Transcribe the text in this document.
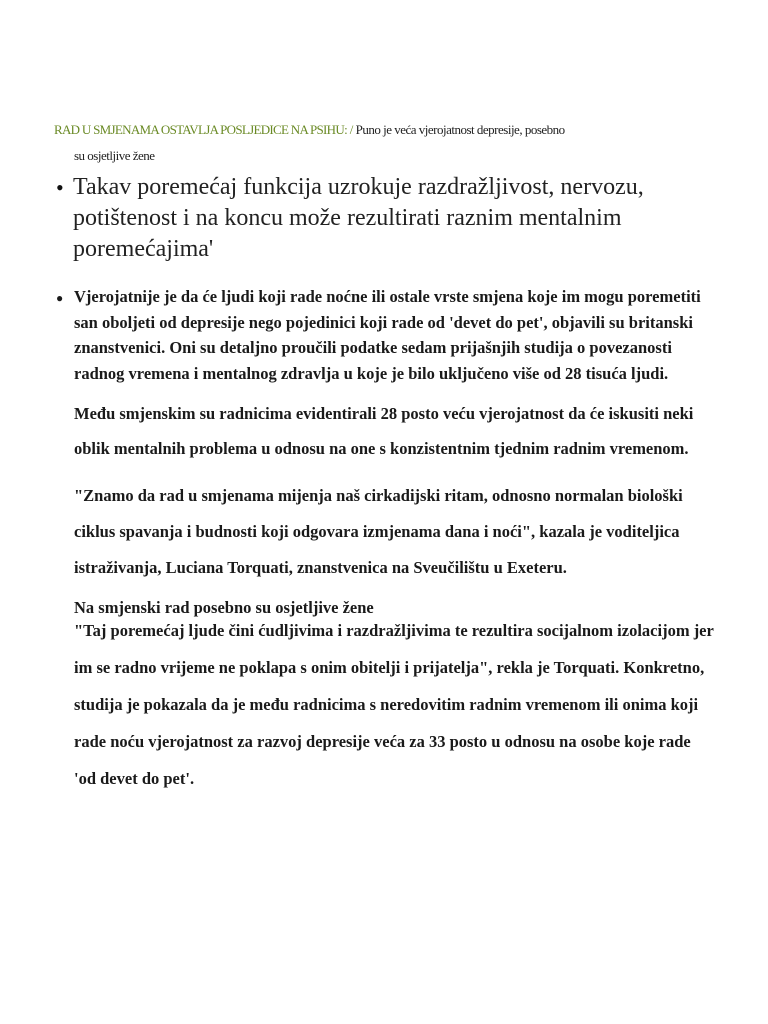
RAD U SMJENAMA OSTAVLJA POSLJEDICE NA PSIHU: / Puno je veća vjerojatnost depresije, posebno
su osjetljive žene
• Takav poremećaj funkcija uzrokuje razdražljivost, nervozu, potištenost i na koncu može rezultirati raznim mentalnim poremećajima'
● Vjerojatnije je da će ljudi koji rade noćne ili ostale vrste smjena koje im mogu poremetiti san oboljeti od depresije nego pojedinici koji rade od 'devet do pet', objavili su britanski znanstvenici. Oni su detaljno proučili podatke sedam prijašnjih studija o povezanosti radnog vremena i mentalnog zdravlja u koje je bilo uključeno više od 28 tisuća ljudi.

Među smjenskim su radnicima evidentirali 28 posto veću vjerojatnost da će iskusiti neki oblik mentalnih problema u odnosu na one s konzistentnim tjednim radnim vremenom.

"Znamo da rad u smjenama mijenja naš cirkadijski ritam, odnosno normalan biološki ciklus spavanja i budnosti koji odgovara izmjenama dana i noći", kazala je voditeljica istraživanja, Luciana Torquati, znanstvenica na Sveučilištu u Exeteru.

Na smjenski rad posebno su osjetljive žene

"Taj poremećaj ljude čini ćudljivima i razdražljivima te rezultira socijalnom izolacijom jer im se radno vrijeme ne poklapa s onim obitelji i prijatelja", rekla je Torquati. Konkretno, studija je pokazala da je među radnicima s neredovitim radnim vremenom ili onima koji rade noću vjerojatnost za razvoj depresije veća za 33 posto u odnosu na osobe koje rade 'od devet do pet'.
